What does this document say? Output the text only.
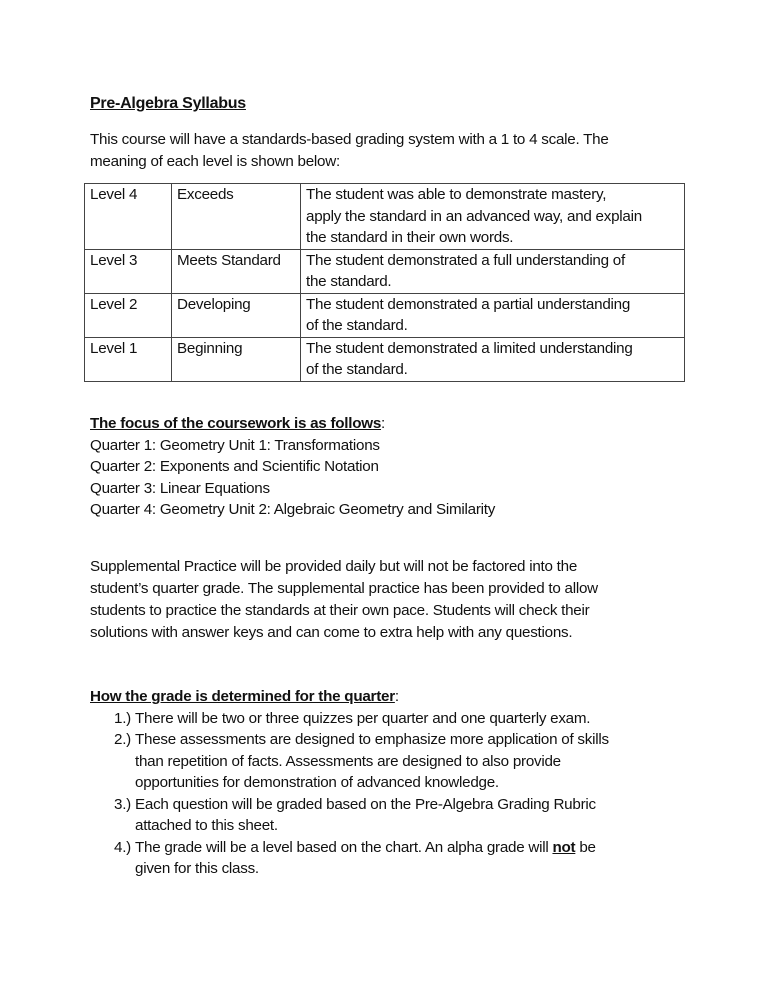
Pre-Algebra Syllabus
This course will have a standards-based grading system with a 1 to 4 scale. The
meaning of each level is shown below:
Level 4	Exceeds	The student was able to demonstrate mastery,
apply the standard in an advanced way, and explain
the standard in their own words.

Level 3	Meets Standard	The student demonstrated a full understanding of
the standard.

Level 2	Developing	The student demonstrated a partial understanding
of the standard.

Level 1	Beginning	The student demonstrated a limited understanding
of the standard.
The focus of the coursework is as follows:
Quarter 1: Geometry Unit 1: Transformations
Quarter 2: Exponents and Scientific Notation
Quarter 3: Linear Equations
Quarter 4: Geometry Unit 2: Algebraic Geometry and Similarity
Supplemental Practice will be provided daily but will not be factored into the
student’s quarter grade. The supplemental practice has been provided to allow
students to practice the standards at their own pace. Students will check their
solutions with answer keys and can come to extra help with any questions.
How the grade is determined for the quarter:
1.) There will be two or three quizzes per quarter and one quarterly exam.
2.) These assessments are designed to emphasize more application of skills
than repetition of facts. Assessments are designed to also provide
opportunities for demonstration of advanced knowledge.
3.) Each question will be graded based on the Pre-Algebra Grading Rubric
attached to this sheet.
4.) The grade will be a level based on the chart. An alpha grade will not be
given for this class.
